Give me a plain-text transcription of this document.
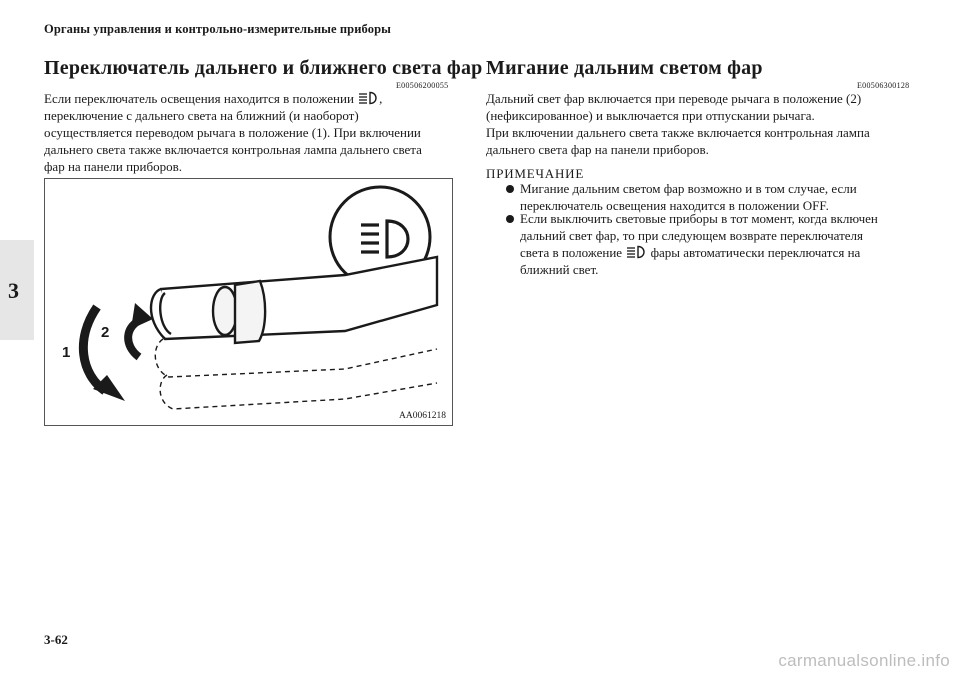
Органы управления и контрольно-измерительные приборы
3
Переключатель дальнего и ближнего света фар
E00506200055
Если переключатель освещения находится в положении ,
переключение с дальнего света на ближний (и наоборот)
осуществляется переводом рычага в положение (1). При включении
дальнего света также включается контрольная лампа дальнего света
фар на панели приборов.
1
2
AA0061218
Мигание дальним светом фар
E00506300128
Дальний свет фар включается при переводе рычага в положение (2)
(нефиксированное) и выключается при отпускании рычага.
При включении дальнего света также включается контрольная лампа
дальнего света фар на панели приборов.
ПРИМЕЧАНИЕ
Мигание дальним светом фар возможно и в том случае, если
переключатель освещения находится в положении OFF.
Если выключить световые приборы в тот момент, когда включен
дальний свет фар, то при следующем возврате переключателя
света в положение фары автоматически переключатся на
ближний свет.
3-62
carmanualsonline.info
